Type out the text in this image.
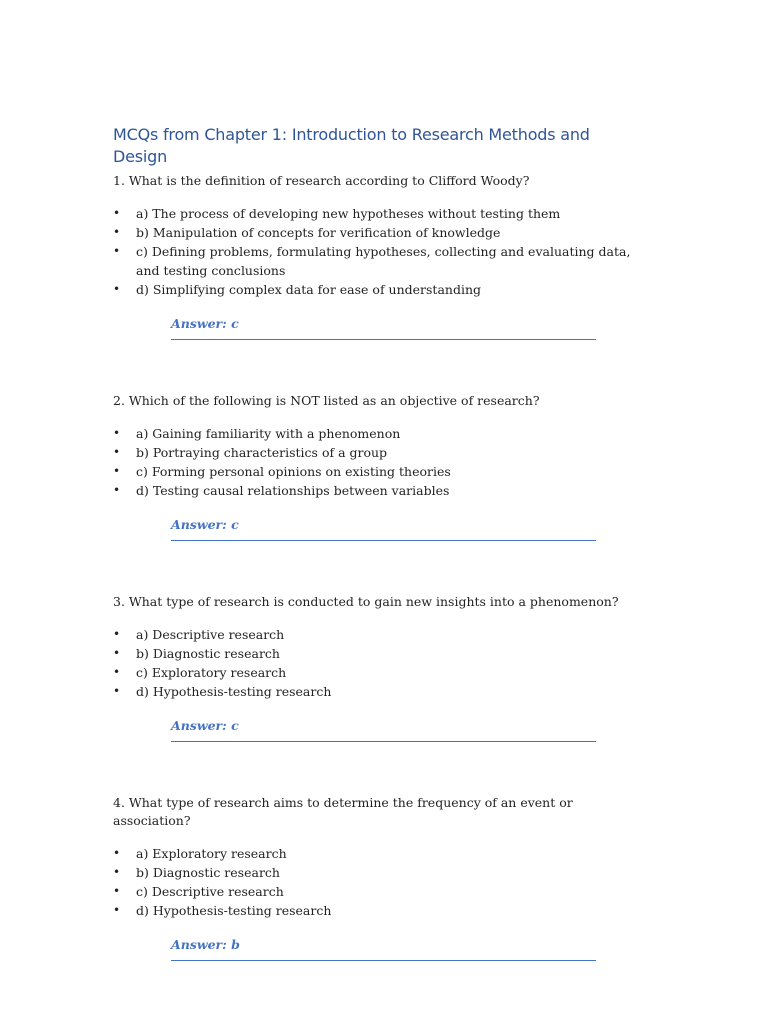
MCQs from Chapter 1: Introduction to Research Methods and Design

1. What is the definition of research according to Clifford Woody?

• a) The process of developing new hypotheses without testing them
• b) Manipulation of concepts for verification of knowledge
• c) Defining problems, formulating hypotheses, collecting and evaluating data, and testing conclusions
• d) Simplifying complex data for ease of understanding
Answer: c

2. Which of the following is NOT listed as an objective of research?

• a) Gaining familiarity with a phenomenon
• b) Portraying characteristics of a group
• c) Forming personal opinions on existing theories
• d) Testing causal relationships between variables
Answer: c

3. What type of research is conducted to gain new insights into a phenomenon?

• a) Descriptive research
• b) Diagnostic research
• c) Exploratory research
• d) Hypothesis-testing research
Answer: c

4. What type of research aims to determine the frequency of an event or association?

• a) Exploratory research
• b) Diagnostic research
• c) Descriptive research
• d) Hypothesis-testing research
Answer: b
